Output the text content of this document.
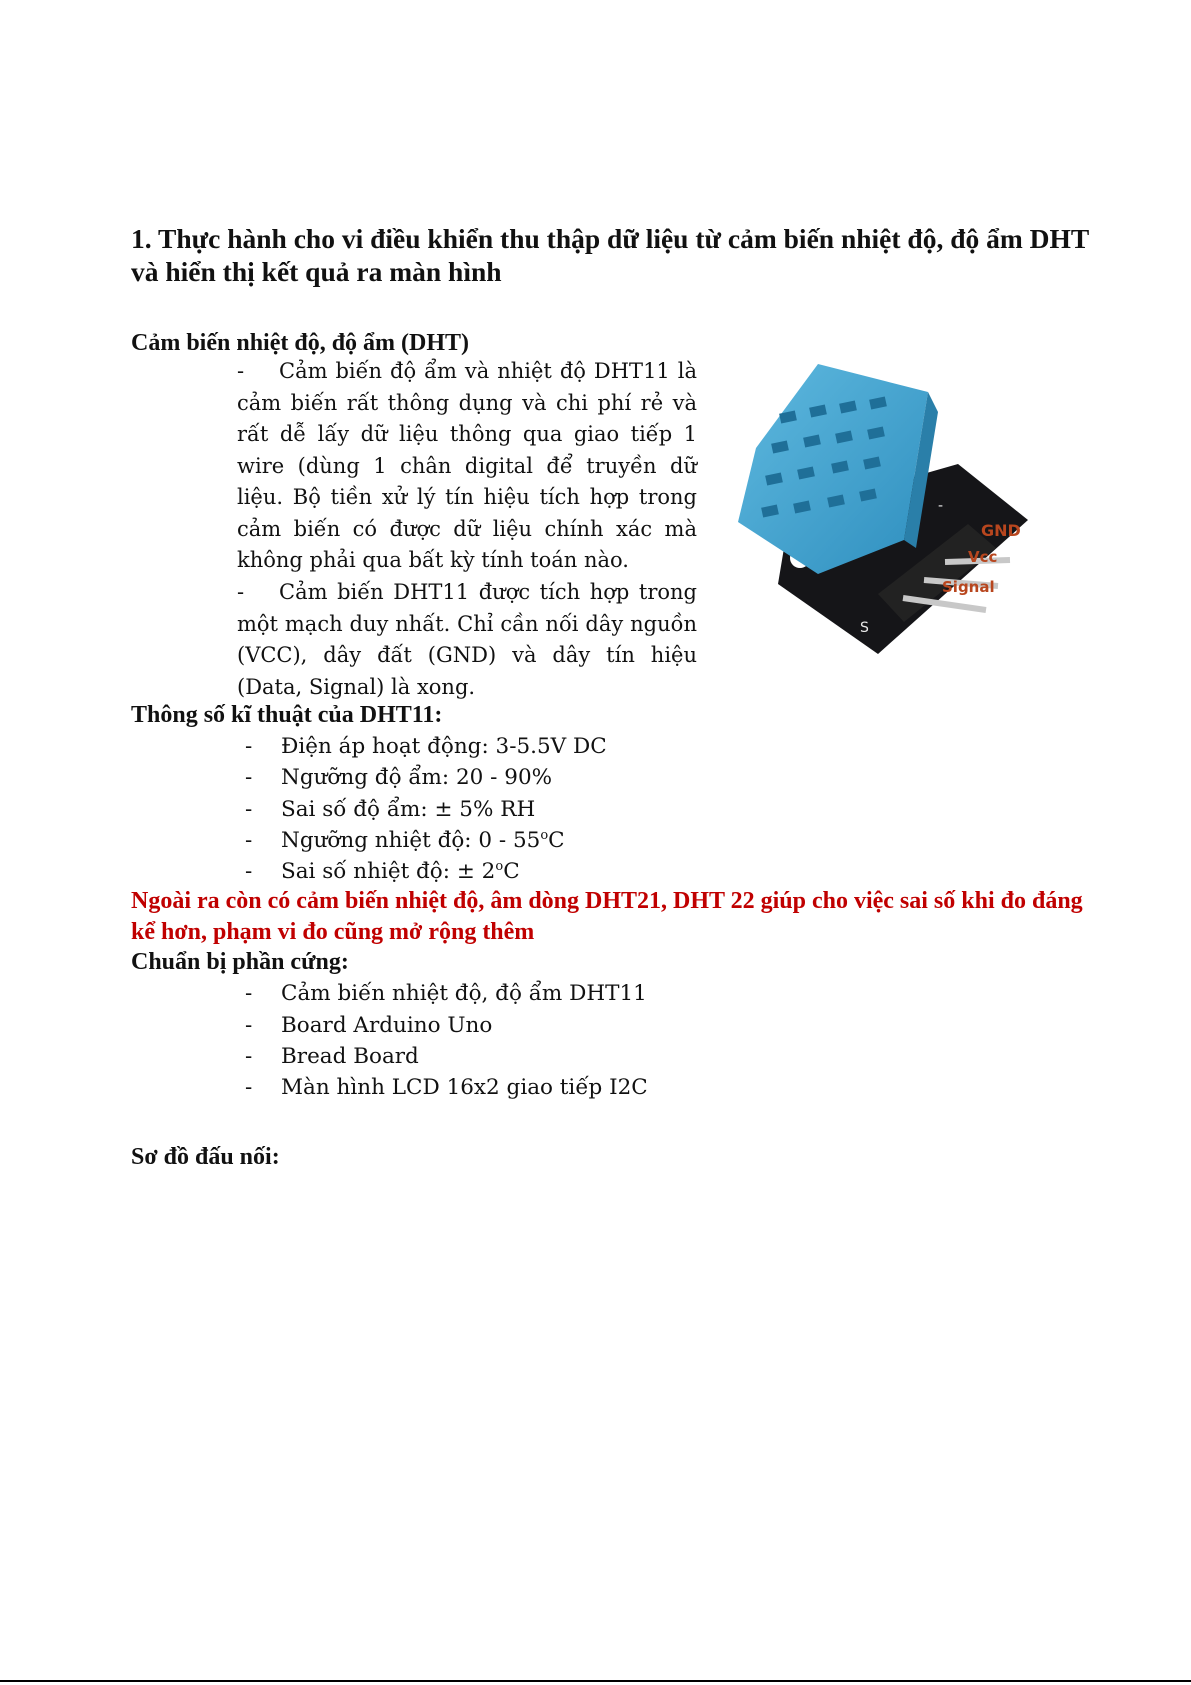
1. Thực hành cho vi điều khiển thu thập dữ liệu từ cảm biến nhiệt độ, độ ẩm DHT và hiển thị kết quả ra màn hình
Cảm biến nhiệt độ, độ ẩm (DHT)
- Cảm biến độ ẩm và nhiệt độ DHT11 là cảm biến rất thông dụng và chi phí rẻ và rất dễ lấy dữ liệu thông qua giao tiếp 1 wire (dùng 1 chân digital để truyền dữ liệu. Bộ tiền xử lý tín hiệu tích hợp trong cảm biến có được dữ liệu chính xác mà không phải qua bất kỳ tính toán nào.
- Cảm biến DHT11 được tích hợp trong một mạch duy nhất. Chỉ cần nối dây nguồn (VCC), dây đất (GND) và dây tín hiệu (Data, Signal) là xong.
-
S
GND
Vcc
Signal
Thông số kĩ thuật của DHT11:
- Điện áp hoạt động: 3-5.5V DC
- Ngưỡng độ ẩm: 20 - 90%
- Sai số độ ẩm: ± 5% RH
- Ngưỡng nhiệt độ: 0 - 55$^o$C
- Sai số nhiệt độ: ± $2^oC$
Ngoài ra còn có cảm biến nhiệt độ, âm dòng DHT21, DHT 22 giúp cho việc sai số khi đo đáng kể hơn, phạm vi đo cũng mở rộng thêm
Chuẩn bị phần cứng:
- Cảm biến nhiệt độ, độ ẩm DHT11
- Board Arduino Uno
- Bread Board
- Màn hình LCD 16x2 giao tiếp I2C
Sơ đồ đấu nối:
